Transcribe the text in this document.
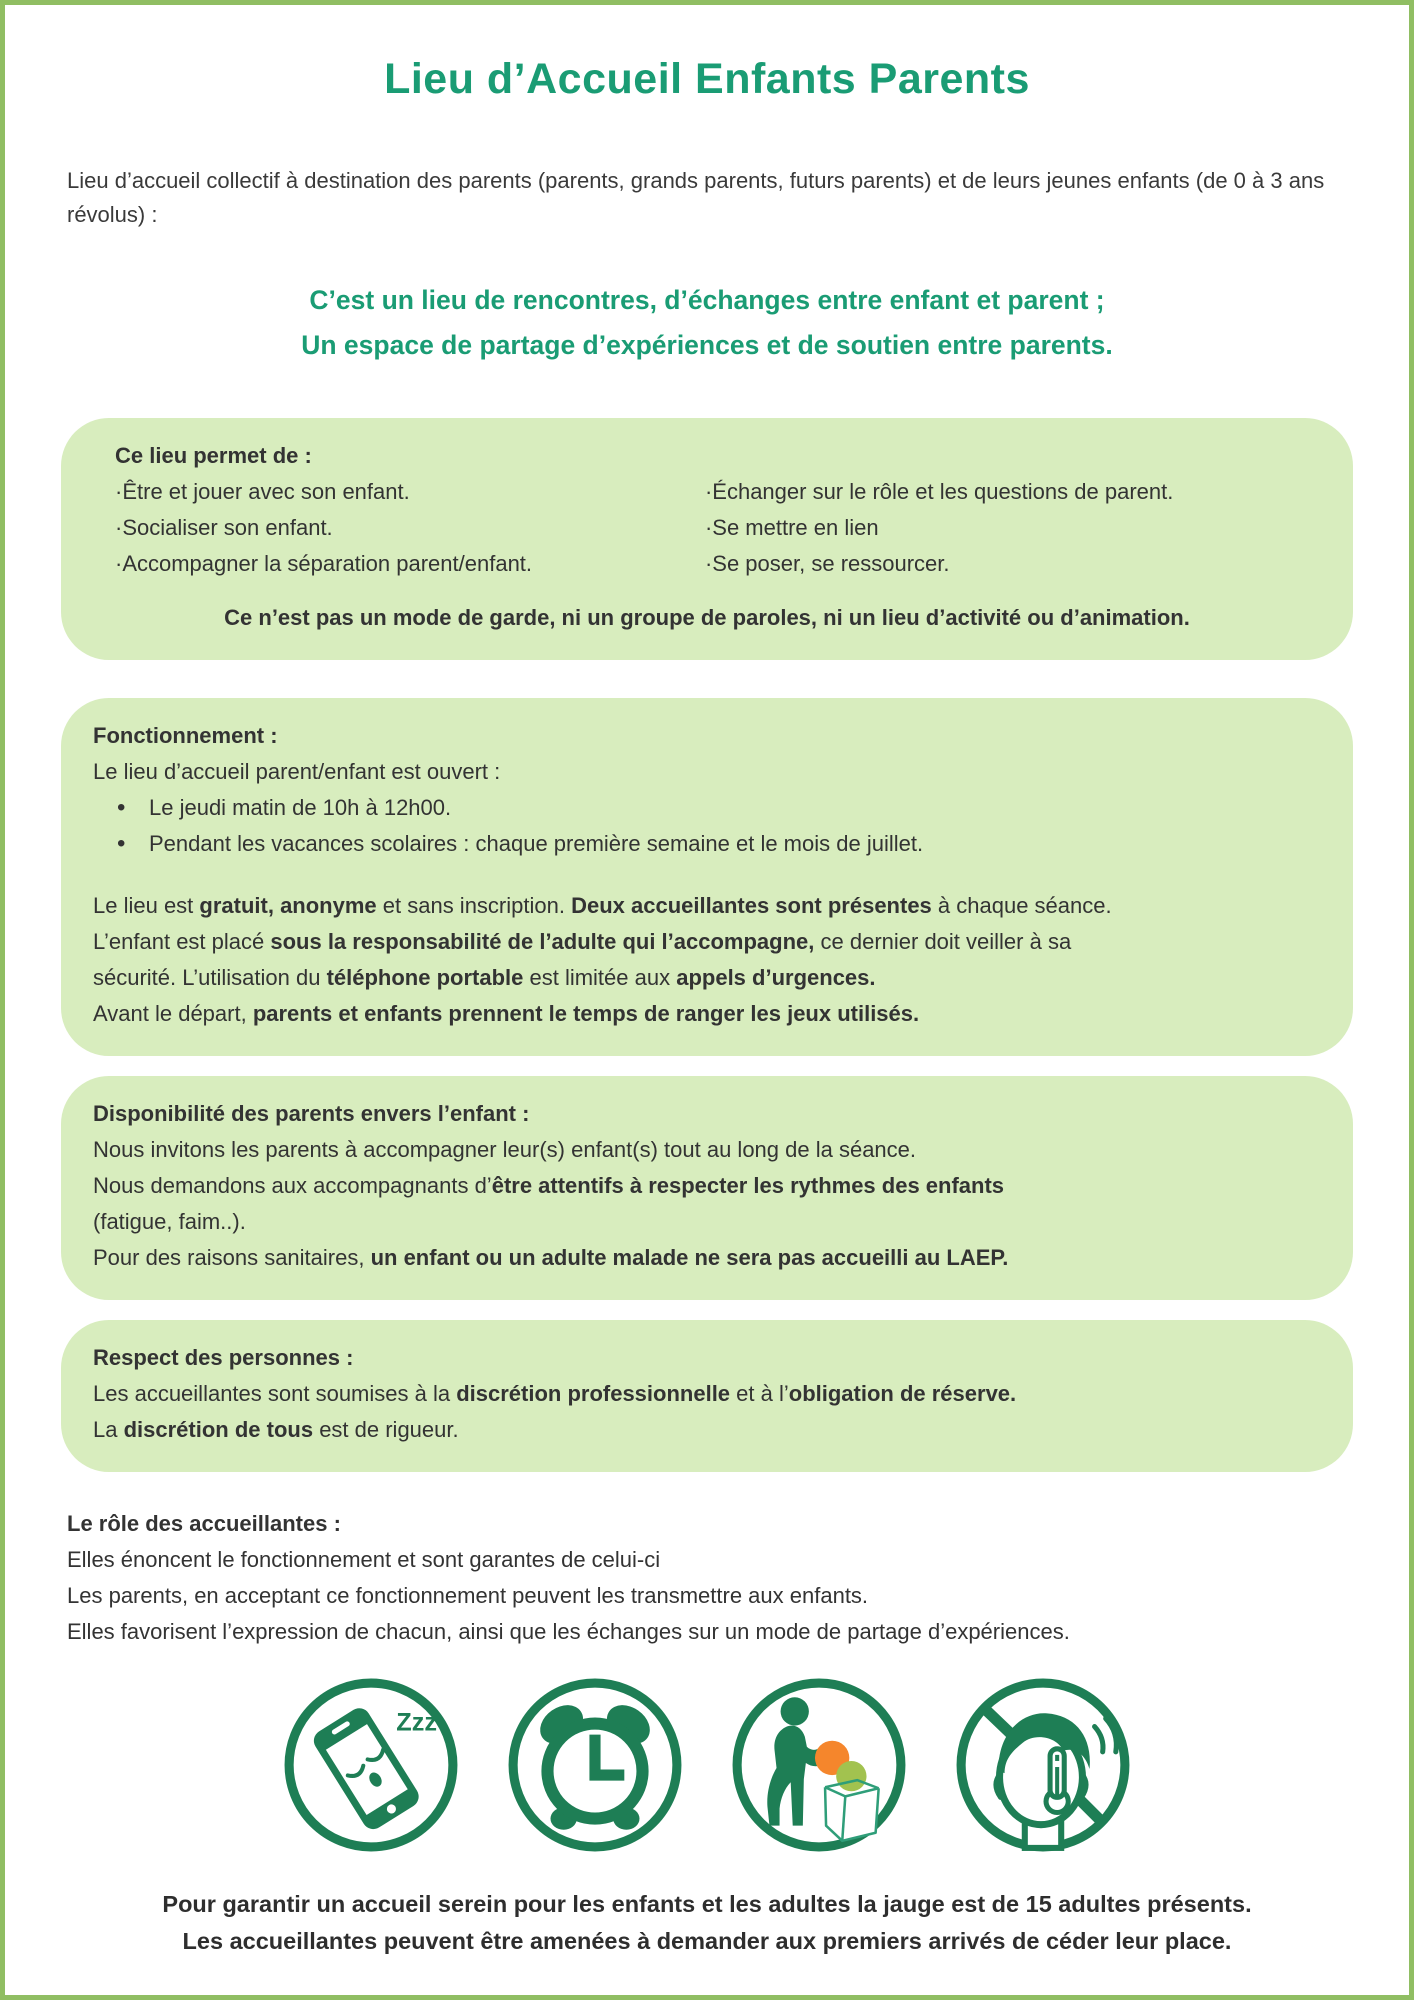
Lieu d’Accueil Enfants Parents
Lieu d’accueil collectif à destination des parents (parents, grands parents, futurs parents) et de leurs jeunes enfants (de 0 à 3 ans révolus) :
C’est un lieu de rencontres, d’échanges entre enfant et parent ;
Un espace de partage d’expériences et de soutien entre parents.
Ce lieu permet de :
·Être et jouer avec son enfant.
·Socialiser son enfant.
·Accompagner la séparation parent/enfant.
·Échanger sur le rôle et les questions de parent.
·Se mettre en lien
·Se poser, se ressourcer.
Ce n’est pas un mode de garde, ni un groupe de paroles, ni un lieu d’activité ou d’animation.
Fonctionnement :
Le lieu d’accueil parent/enfant est ouvert :
• Le jeudi matin de 10h à 12h00.
• Pendant les vacances scolaires : chaque première semaine et le mois de juillet.
Le lieu est gratuit, anonyme et sans inscription. Deux accueillantes sont présentes à chaque séance.
L’enfant est placé sous la responsabilité de l’adulte qui l’accompagne, ce dernier doit veiller à sa
sécurité. L’utilisation du téléphone portable est limitée aux appels d’urgences.
Avant le départ, parents et enfants prennent le temps de ranger les jeux utilisés.
Disponibilité des parents envers l’enfant :
Nous invitons les parents à accompagner leur(s) enfant(s) tout au long de la séance.
Nous demandons aux accompagnants d’être attentifs à respecter les rythmes des enfants
(fatigue, faim..).
Pour des raisons sanitaires, un enfant ou un adulte malade ne sera pas accueilli au LAEP.
Respect des personnes :
Les accueillantes sont soumises à la discrétion professionnelle et à l’obligation de réserve.
La discrétion de tous est de rigueur.
Le rôle des accueillantes :
Elles énoncent le fonctionnement et sont garantes de celui-ci
Les parents, en acceptant ce fonctionnement peuvent les transmettre aux enfants.
Elles favorisent l’expression de chacun, ainsi que les échanges sur un mode de partage d’expériences.
Zzz
Pour garantir un accueil serein pour les enfants et les adultes la jauge est de 15 adultes présents.
Les accueillantes peuvent être amenées à demander aux premiers arrivés de céder leur place.
